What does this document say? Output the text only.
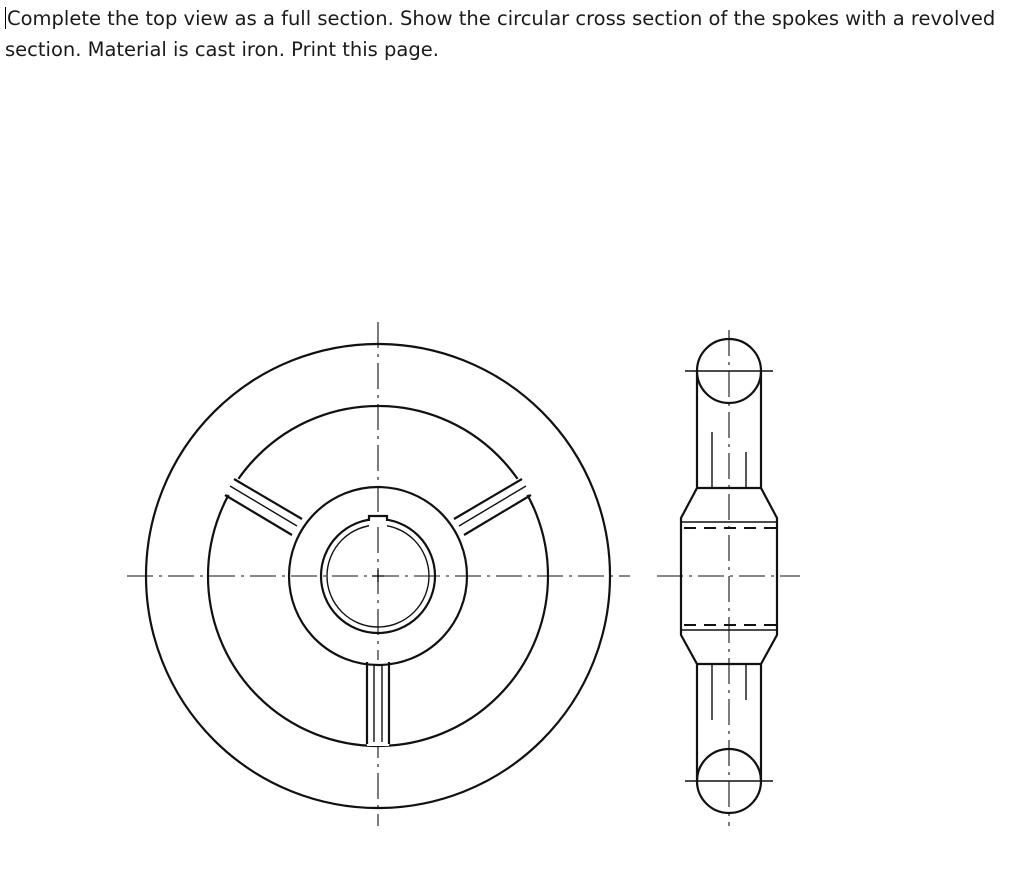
Complete the top view as a full section. Show the circular cross section of the spokes with a revolved section. Material is cast iron. Print this page.
